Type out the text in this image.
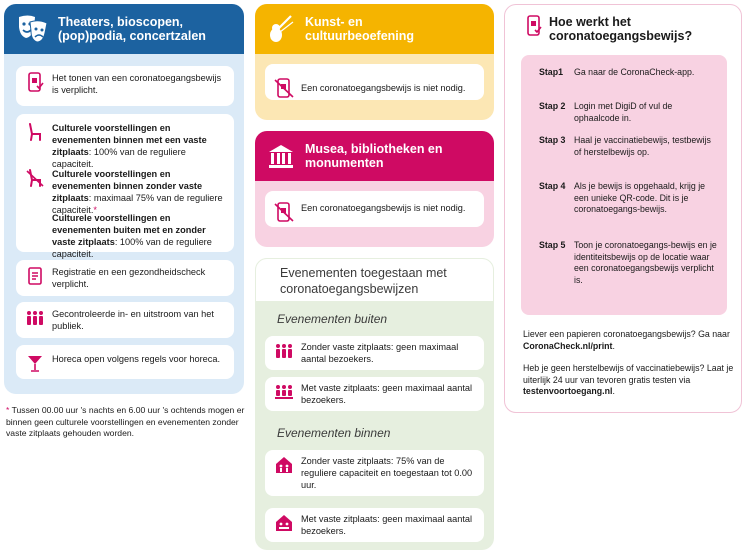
Theaters, bioscopen, (pop)podia, concertzalen
Het tonen van een coronatoegangsbewijs is verplicht.
Culturele voorstellingen en evenementen binnen met een vaste zitplaats: 100% van de reguliere capaciteit.
Culturele voorstellingen en evenementen binnen zonder vaste zitplaats: maximaal 75% van de reguliere capaciteit.*
Culturele voorstellingen en evenementen buiten met en zonder vaste zitplaats: 100% van de reguliere capaciteit.
Registratie en een gezondheidscheck verplicht.
Gecontroleerde in- en uitstroom van het publiek.
Horeca open volgens regels voor horeca.
* Tussen 00.00 uur 's nachts en 6.00 uur 's ochtends mogen er binnen geen culturele voorstellingen en evenementen zonder vaste zitplaats gehouden worden.
Kunst- en cultuurbeoefening
Een coronatoegangsbewijs is niet nodig.
Musea, bibliotheken en monumenten
Een coronatoegangsbewijs is niet nodig.
Evenementen toegestaan met coronatoegangsbewijzen
Evenementen buiten
Zonder vaste zitplaats: geen maximaal aantal bezoekers.
Met vaste zitplaats: geen maximaal aantal bezoekers.
Evenementen binnen
Zonder vaste zitplaats: 75% van de reguliere capaciteit en toegestaan tot 0.00 uur.
Met vaste zitplaats: geen maximaal aantal bezoekers.
Hoe werkt het coronatoegangsbewijs?
Stap1	Ga naar de CoronaCheck-app.
Stap 2 Login met DigiD of vul de ophaalcode in.
Stap 3 Haal je vaccinatiebewijs, testbewijs of herstelbewijs op.
Stap 4 Als je bewijs is opgehaald, krijg je een unieke QR-code. Dit is je coronatoegangs-bewijs.
Stap 5 Toon je coronatoegangs-bewijs en je identiteitsbewijs op de locatie waar een coronatoegangsbewijs verplicht is.
Liever een papieren coronatoegangsbewijs? Ga naar CoronaCheck.nl/print.
Heb je geen herstelbewijs of vaccinatiebewijs? Laat je uiterlijk 24 uur van tevoren gratis testen via testenvoortoegang.nl.
